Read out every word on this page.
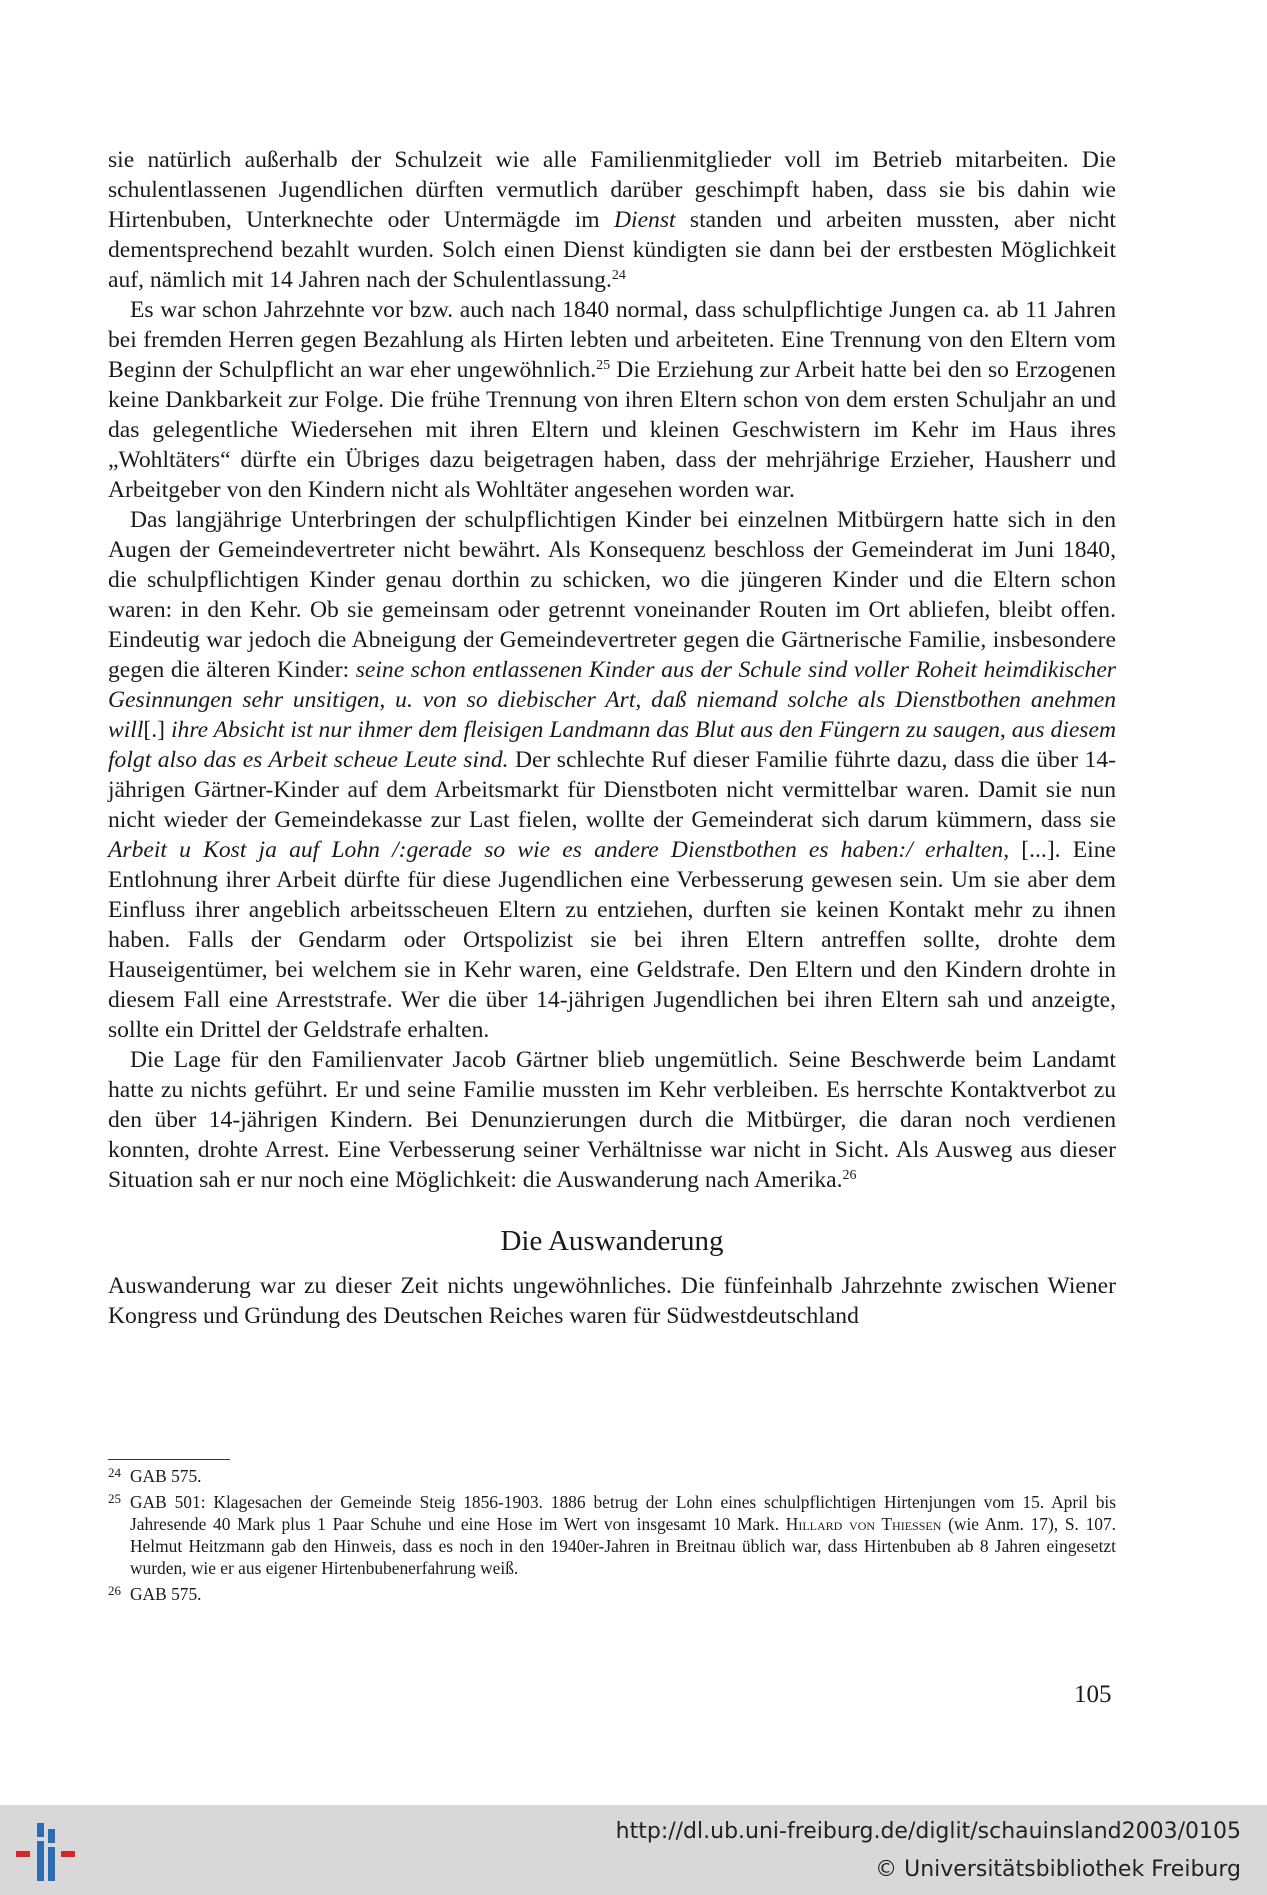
sie natürlich außerhalb der Schulzeit wie alle Familienmitglieder voll im Betrieb mitarbeiten. Die schulentlassenen Jugendlichen dürften vermutlich darüber geschimpft haben, dass sie bis dahin wie Hirtenbuben, Unterknechte oder Untermägde im Dienst standen und arbeiten mussten, aber nicht dementsprechend bezahlt wurden. Solch einen Dienst kündigten sie dann bei der erstbesten Möglichkeit auf, nämlich mit 14 Jahren nach der Schulentlassung.$^{24}$

Es war schon Jahrzehnte vor bzw. auch nach 1840 normal, dass schulpflichtige Jungen ca. ab 11 Jahren bei fremden Herren gegen Bezahlung als Hirten lebten und arbeiteten. Eine Trennung von den Eltern vom Beginn der Schulpflicht an war eher ungewöhnlich.$^{25}$ Die Erziehung zur Arbeit hatte bei den so Erzogenen keine Dankbarkeit zur Folge. Die frühe Trennung von ihren Eltern schon von dem ersten Schuljahr an und das gelegentliche Wiedersehen mit ihren Eltern und kleinen Geschwistern im Kehr im Haus ihres „Wohltäters“ dürfte ein Übriges dazu beigetragen haben, dass der mehrjährige Erzieher, Hausherr und Arbeitgeber von den Kindern nicht als Wohltäter angesehen worden war.

Das langjährige Unterbringen der schulpflichtigen Kinder bei einzelnen Mitbürgern hatte sich in den Augen der Gemeindevertreter nicht bewährt. Als Konsequenz beschloss der Gemeinderat im Juni 1840, die schulpflichtigen Kinder genau dorthin zu schicken, wo die jüngeren Kinder und die Eltern schon waren: in den Kehr. Ob sie gemeinsam oder getrennt voneinander Routen im Ort abliefen, bleibt offen. Eindeutig war jedoch die Abneigung der Gemeindevertreter gegen die Gärtnerische Familie, insbesondere gegen die älteren Kinder: seine schon entlassenen Kinder aus der Schule sind voller Roheit heimdikischer Gesinnungen sehr unsitigen, u. von so diebischer Art, daß niemand solche als Dienstbothen anehmen will[.] ihre Absicht ist nur ihmer dem fleisigen Landmann das Blut aus den Füngern zu saugen, aus diesem folgt also das es Arbeit scheue Leute sind. Der schlechte Ruf dieser Familie führte dazu, dass die über 14-jährigen Gärtner-Kinder auf dem Arbeitsmarkt für Dienstboten nicht vermittelbar waren. Damit sie nun nicht wieder der Gemeindekasse zur Last fielen, wollte der Gemeinderat sich darum kümmern, dass sie Arbeit u Kost ja auf Lohn /:gerade so wie es andere Dienstbothen es haben:/ erhalten, [...]. Eine Entlohnung ihrer Arbeit dürfte für diese Jugendlichen eine Verbesserung gewesen sein. Um sie aber dem Einfluss ihrer angeblich arbeitsscheuen Eltern zu entziehen, durften sie keinen Kontakt mehr zu ihnen haben. Falls der Gendarm oder Ortspolizist sie bei ihren Eltern antreffen sollte, drohte dem Hauseigentümer, bei welchem sie in Kehr waren, eine Geldstrafe. Den Eltern und den Kindern drohte in diesem Fall eine Arreststrafe. Wer die über 14-jährigen Jugendlichen bei ihren Eltern sah und anzeigte, sollte ein Drittel der Geldstrafe erhalten.

Die Lage für den Familienvater Jacob Gärtner blieb ungemütlich. Seine Beschwerde beim Landamt hatte zu nichts geführt. Er und seine Familie mussten im Kehr verbleiben. Es herrschte Kontaktverbot zu den über 14-jährigen Kindern. Bei Denunzierungen durch die Mitbürger, die daran noch verdienen konnten, drohte Arrest. Eine Verbesserung seiner Verhältnisse war nicht in Sicht. Als Ausweg aus dieser Situation sah er nur noch eine Möglichkeit: die Auswanderung nach Amerika.$^{26}$

Die Auswanderung

Auswanderung war zu dieser Zeit nichts ungewöhnliches. Die fünfeinhalb Jahrzehnte zwischen Wiener Kongress und Gründung des Deutschen Reiches waren für Südwestdeutschland

24 GAB 575.

25 GAB 501: Klagesachen der Gemeinde Steig 1856-1903. 1886 betrug der Lohn eines schulpflichtigen Hirtenjungen vom 15. April bis Jahresende 40 Mark plus 1 Paar Schuhe und eine Hose im Wert von insgesamt 10 Mark. Hillard von Thiessen (wie Anm. 17), S. 107. Helmut Heitzmann gab den Hinweis, dass es noch in den 1940er-Jahren in Breitnau üblich war, dass Hirtenbuben ab 8 Jahren eingesetzt wurden, wie er aus eigener Hirtenbubenerfahrung weiß.

26 GAB 575.

105
http://dl.ub.uni-freiburg.de/diglit/schauinsland2003/0105
© Universitätsbibliothek Freiburg
